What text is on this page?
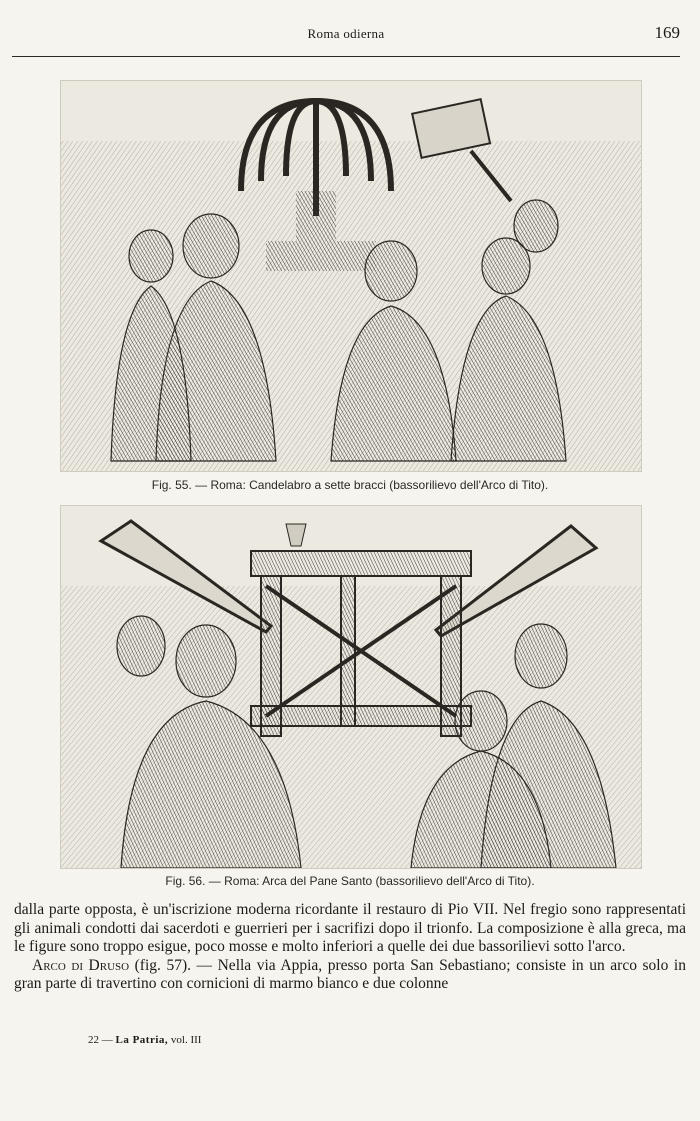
Roma odierna	169
Fig. 55. — Roma: Candelabro a sette bracci (bassorilievo dell'Arco di Tito).
Fig. 56. — Roma: Arca del Pane Santo (bassorilievo dell'Arco di Tito).

dalla parte opposta, è un'iscrizione moderna ricordante il restauro di Pio VII. Nel fregio sono rappresentati gli animali condotti dai sacerdoti e guerrieri per i sacrifizi dopo il trionfo. La composizione è alla greca, ma le figure sono troppo esigue, poco mosse e molto inferiori a quelle dei due bassorilievi sotto l'arco.

Arco di Druso (fig. 57). — Nella via Appia, presso porta San Sebastiano; consiste in un arco solo in gran parte di travertino con cornicioni di marmo bianco e due colonne

22 — La Patria, vol. III
